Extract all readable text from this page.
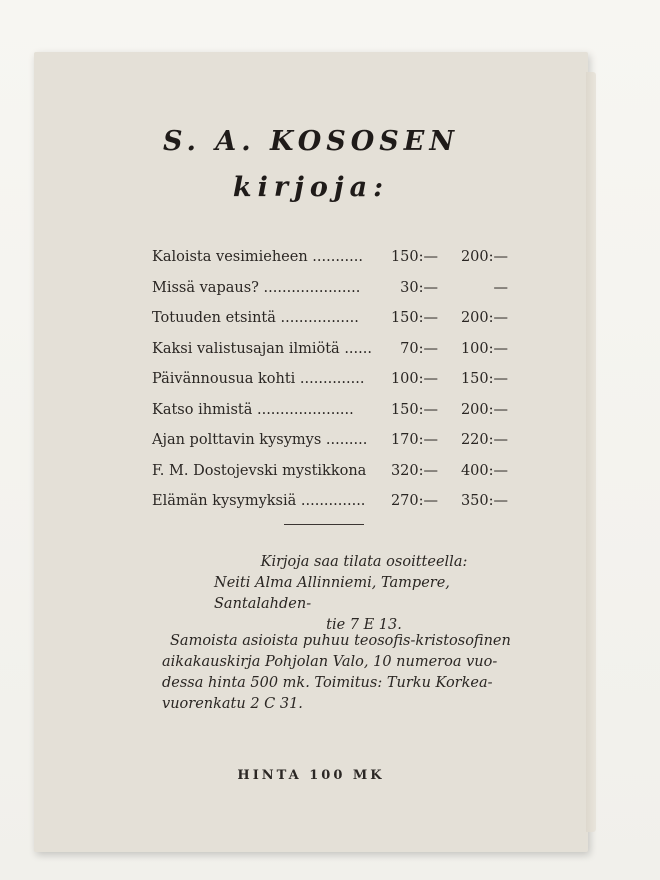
S. A. KOSOSEN
kirjoja:
Kaloista vesimieheen ...........	150:—	200:—
Missä vapaus? .....................	30:—	—
Totuuden etsintä .................	150:—	200:—
Kaksi valistusajan ilmiötä ......	70:—	100:—
Päivännousua kohti ..............	100:—	150:—
Katso ihmistä .....................	150:—	200:—
Ajan polttavin kysymys .........	170:—	220:—
F. M. Dostojevski mystikkona	320:—	400:—
Elämän kysymyksiä ..............	270:—	350:—

Kirjoja saa tilata osoitteella:
Neiti Alma Allinniemi, Tampere, Santalahden-
tie 7 E 13.

Samoista asioista puhuu teosofis-kristosofinen
aikakauskirja Pohjolan Valo, 10 numeroa vuo-
dessa hinta 500 mk. Toimitus: Turku Korkea-
vuorenkatu 2 C 31.

HINTA 100 MK
